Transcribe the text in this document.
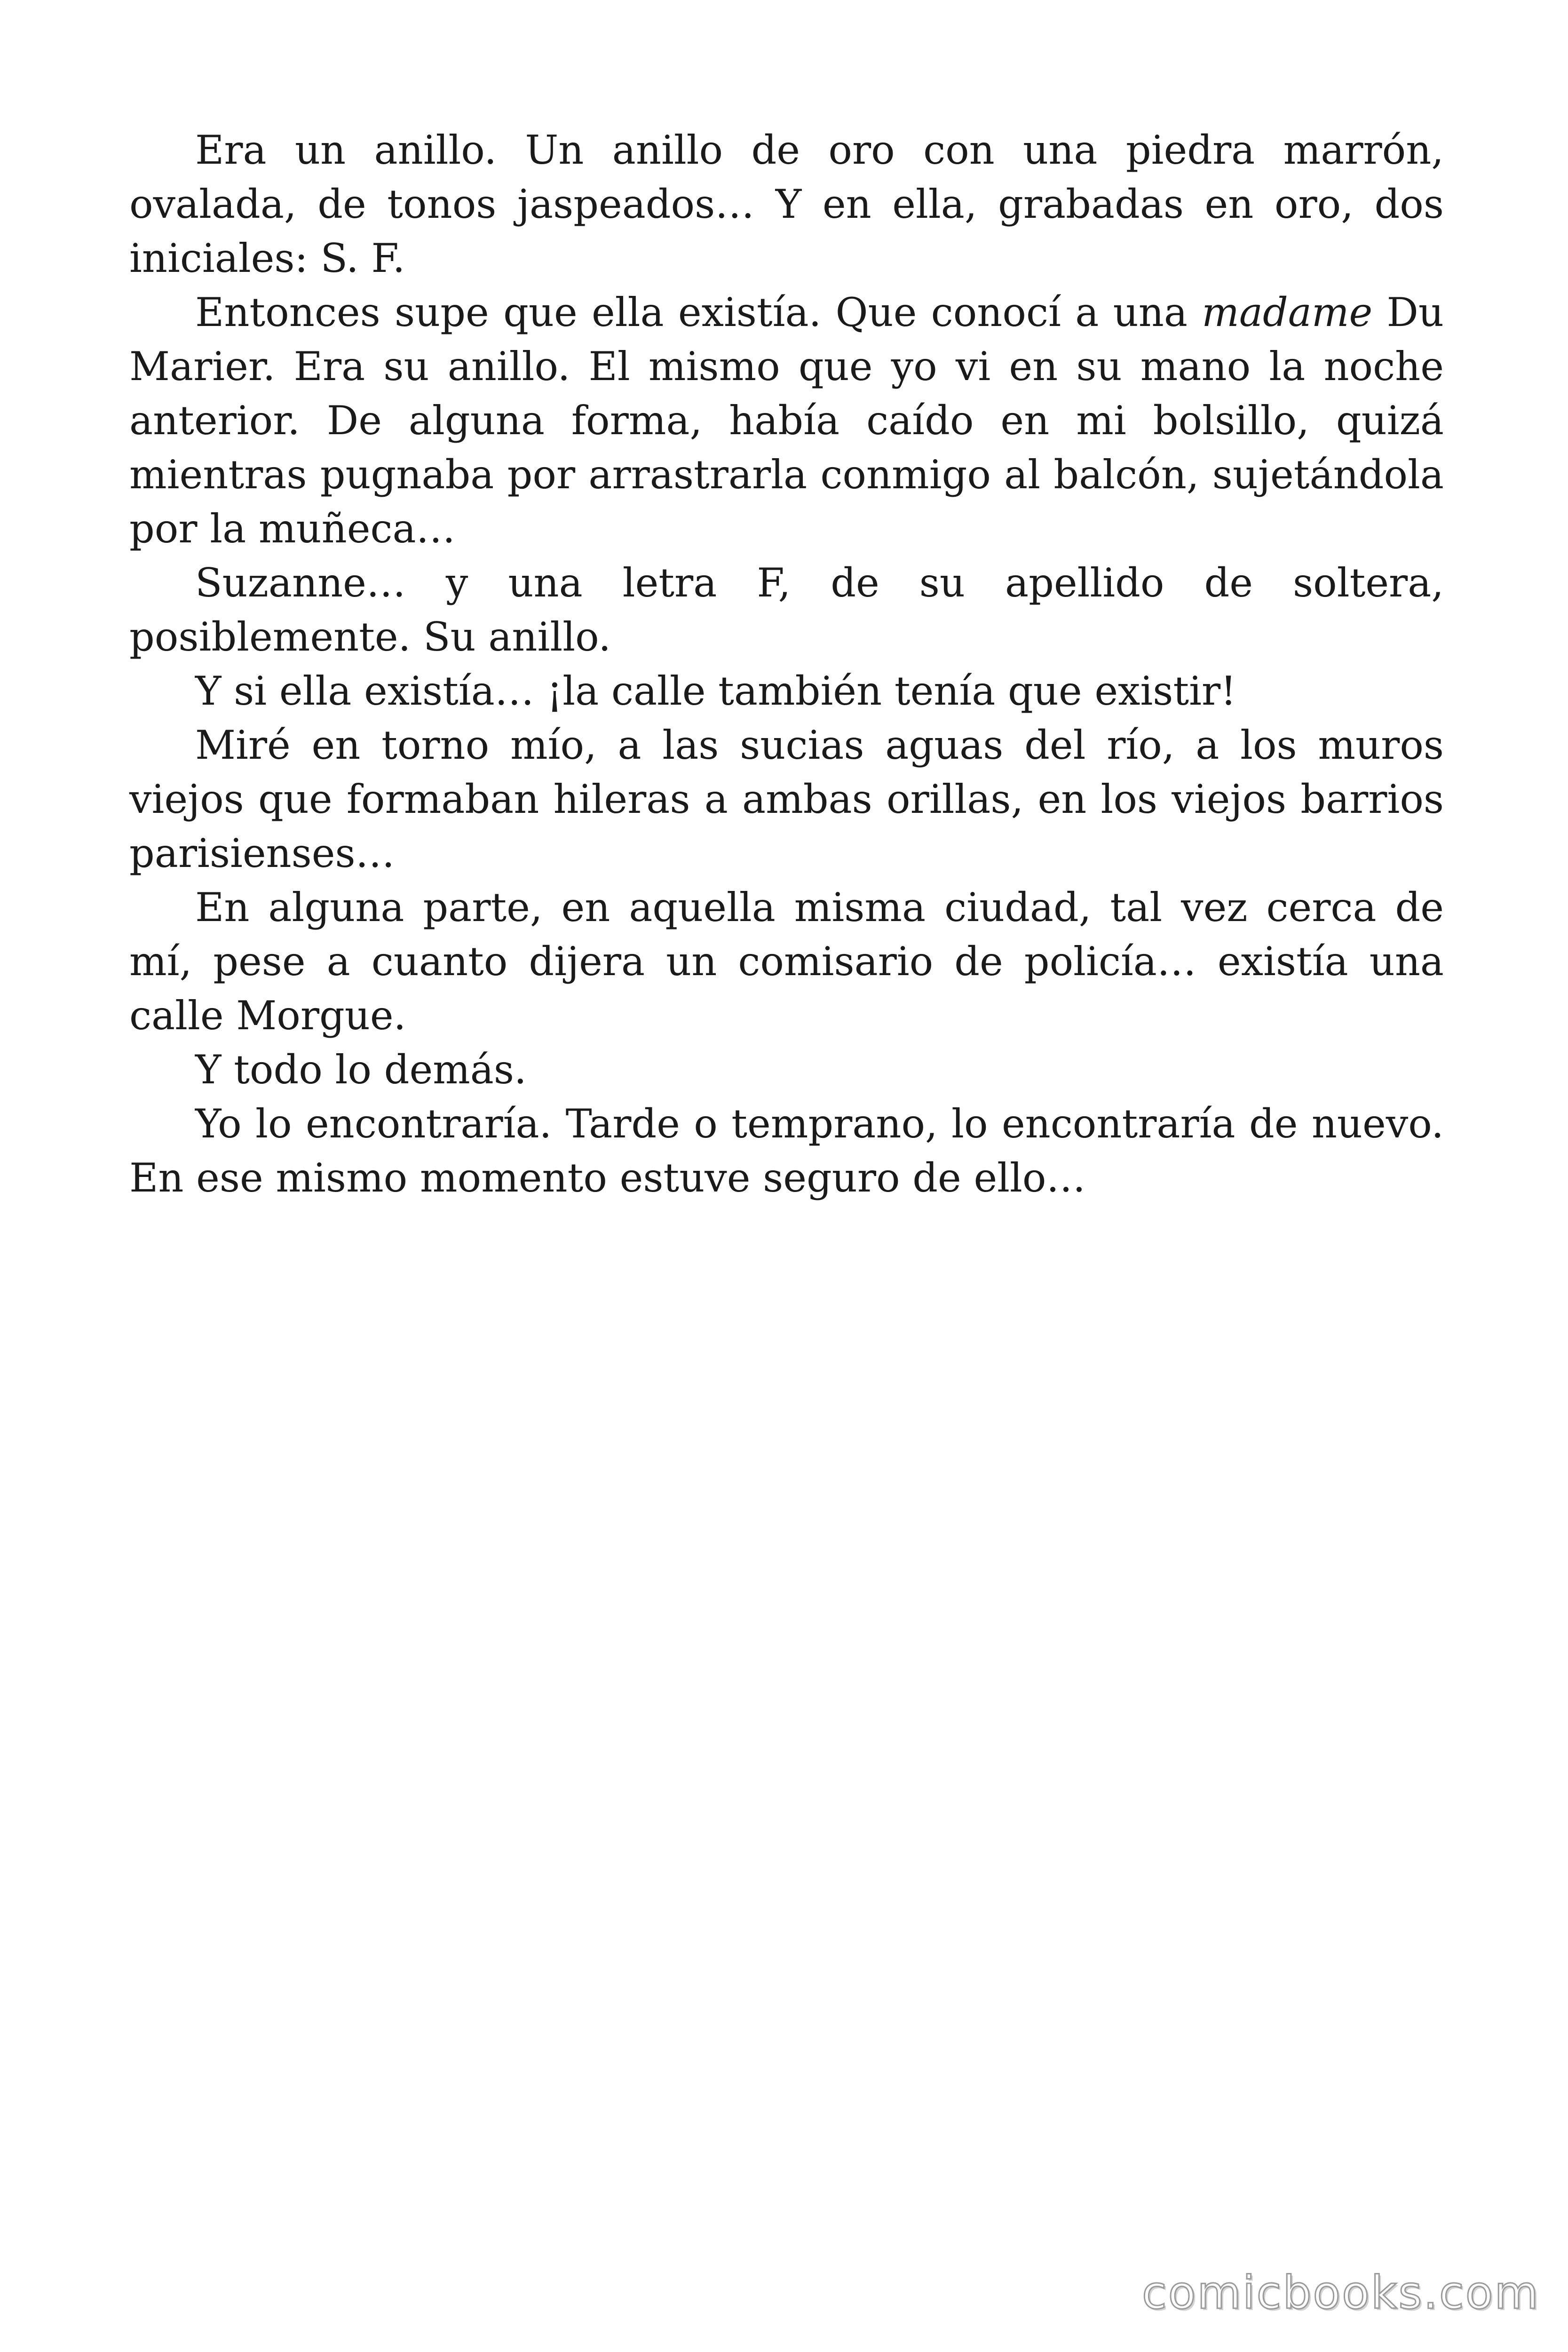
Era un anillo. Un anillo de oro con una piedra marrón, ovalada, de tonos jaspeados… Y en ella, grabadas en oro, dos iniciales: S. F.

Entonces supe que ella existía. Que conocí a una madame Du Marier. Era su anillo. El mismo que yo vi en su mano la noche anterior. De alguna forma, había caído en mi bolsillo, quizá mientras pugnaba por arrastrarla conmigo al balcón, sujetándola por la muñeca…

Suzanne… y una letra F, de su apellido de soltera, posiblemente. Su anillo.

Y si ella existía… ¡la calle también tenía que existir!

Miré en torno mío, a las sucias aguas del río, a los muros viejos que formaban hileras a ambas orillas, en los viejos barrios parisienses…

En alguna parte, en aquella misma ciudad, tal vez cerca de mí, pese a cuanto dijera un comisario de policía… existía una calle Morgue.

Y todo lo demás.

Yo lo encontraría. Tarde o temprano, lo encontraría de nuevo. En ese mismo momento estuve seguro de ello…

comicbooks.com
